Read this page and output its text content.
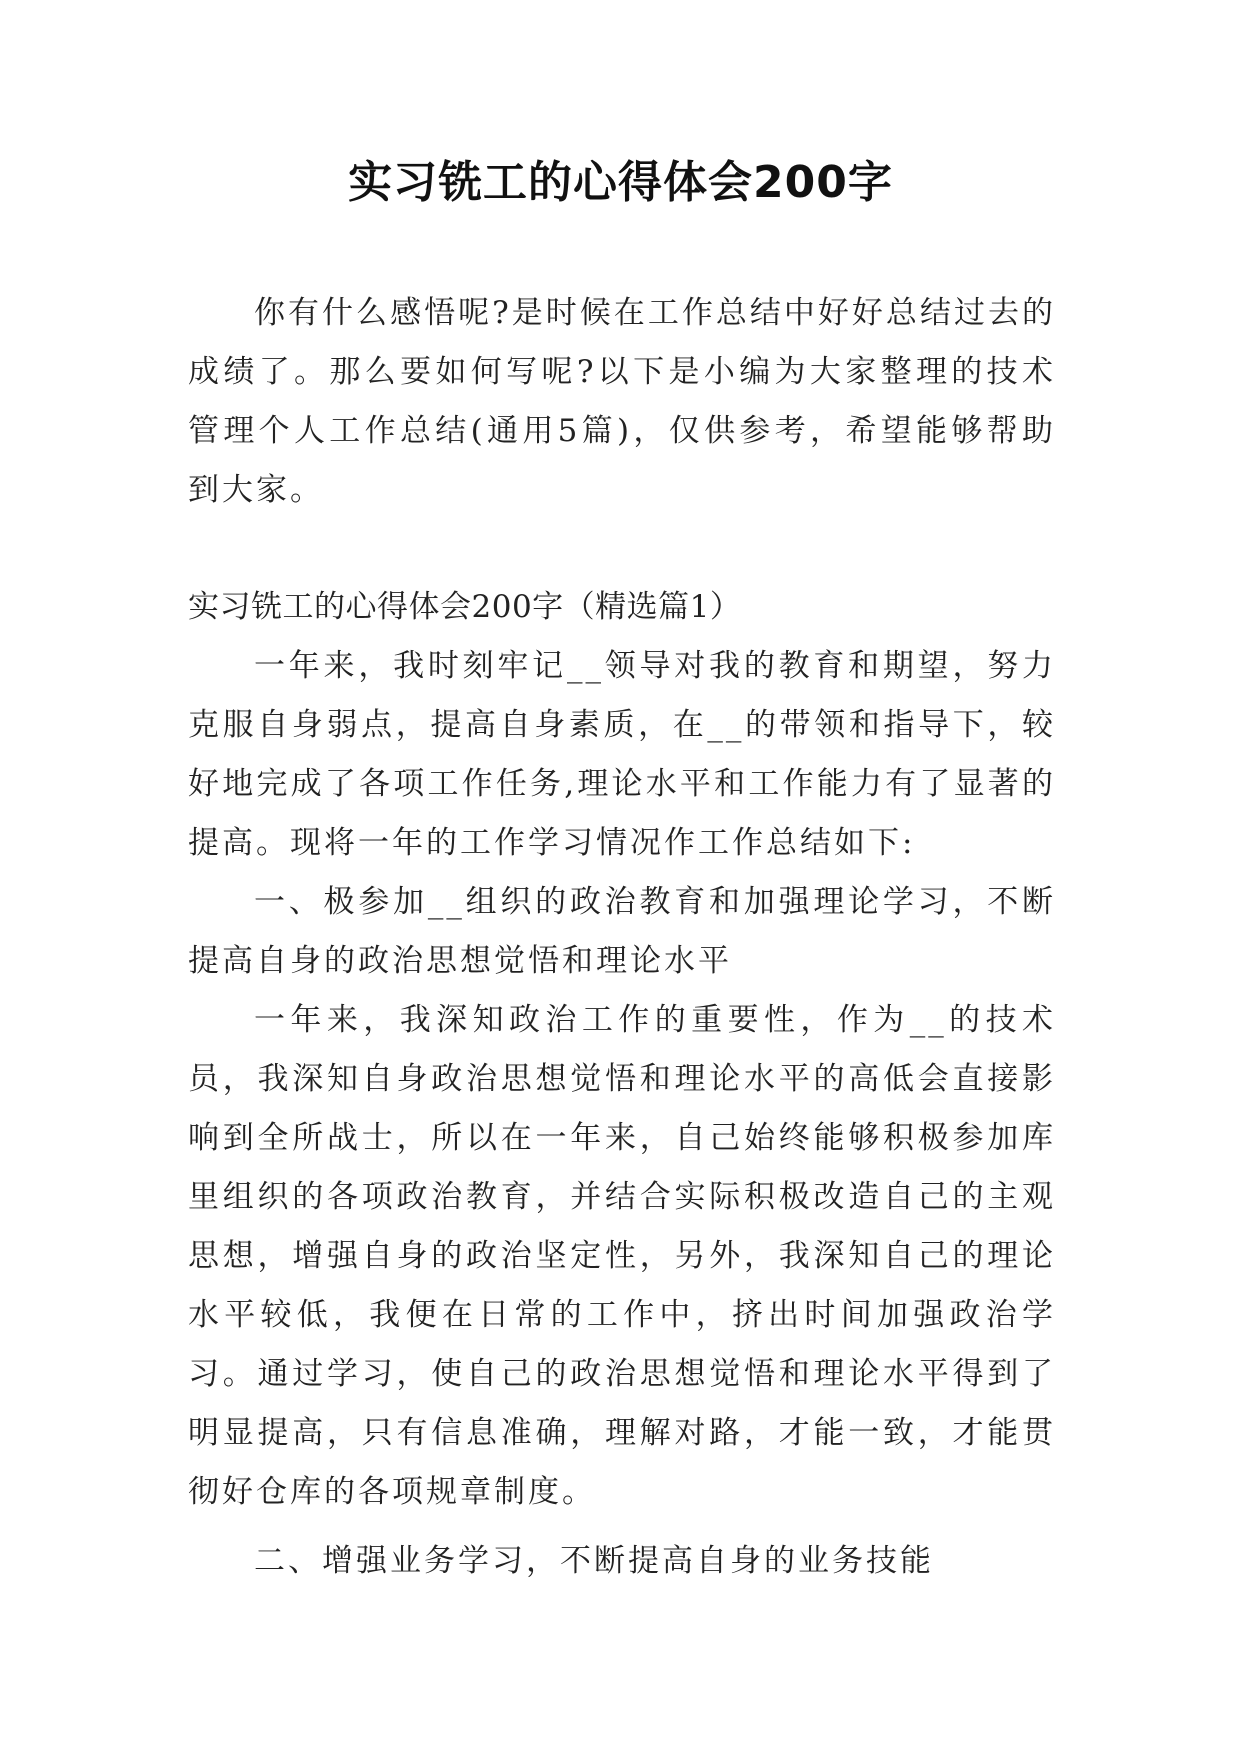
实习铣工的心得体会200字

你有什么感悟呢?是时候在工作总结中好好总结过去的成绩了。那么要如何写呢?以下是小编为大家整理的技术管理个人工作总结(通用5篇)，仅供参考，希望能够帮助到大家。

实习铣工的心得体会200字（精选篇1）

一年来，我时刻牢记__领导对我的教育和期望，努力克服自身弱点，提高自身素质，在__的带领和指导下，较好地完成了各项工作任务,理论水平和工作能力有了显著的提高。现将一年的工作学习情况作工作总结如下:

一、极参加__组织的政治教育和加强理论学习，不断提高自身的政治思想觉悟和理论水平

一年来，我深知政治工作的重要性，作为__的技术员，我深知自身政治思想觉悟和理论水平的高低会直接影响到全所战士，所以在一年来，自己始终能够积极参加库里组织的各项政治教育，并结合实际积极改造自己的主观思想，增强自身的政治坚定性，另外，我深知自己的理论水平较低，我便在日常的工作中，挤出时间加强政治学习。通过学习，使自己的政治思想觉悟和理论水平得到了明显提高，只有信息准确，理解对路，才能一致，才能贯彻好仓库的各项规章制度。

二、增强业务学习，不断提高自身的业务技能
